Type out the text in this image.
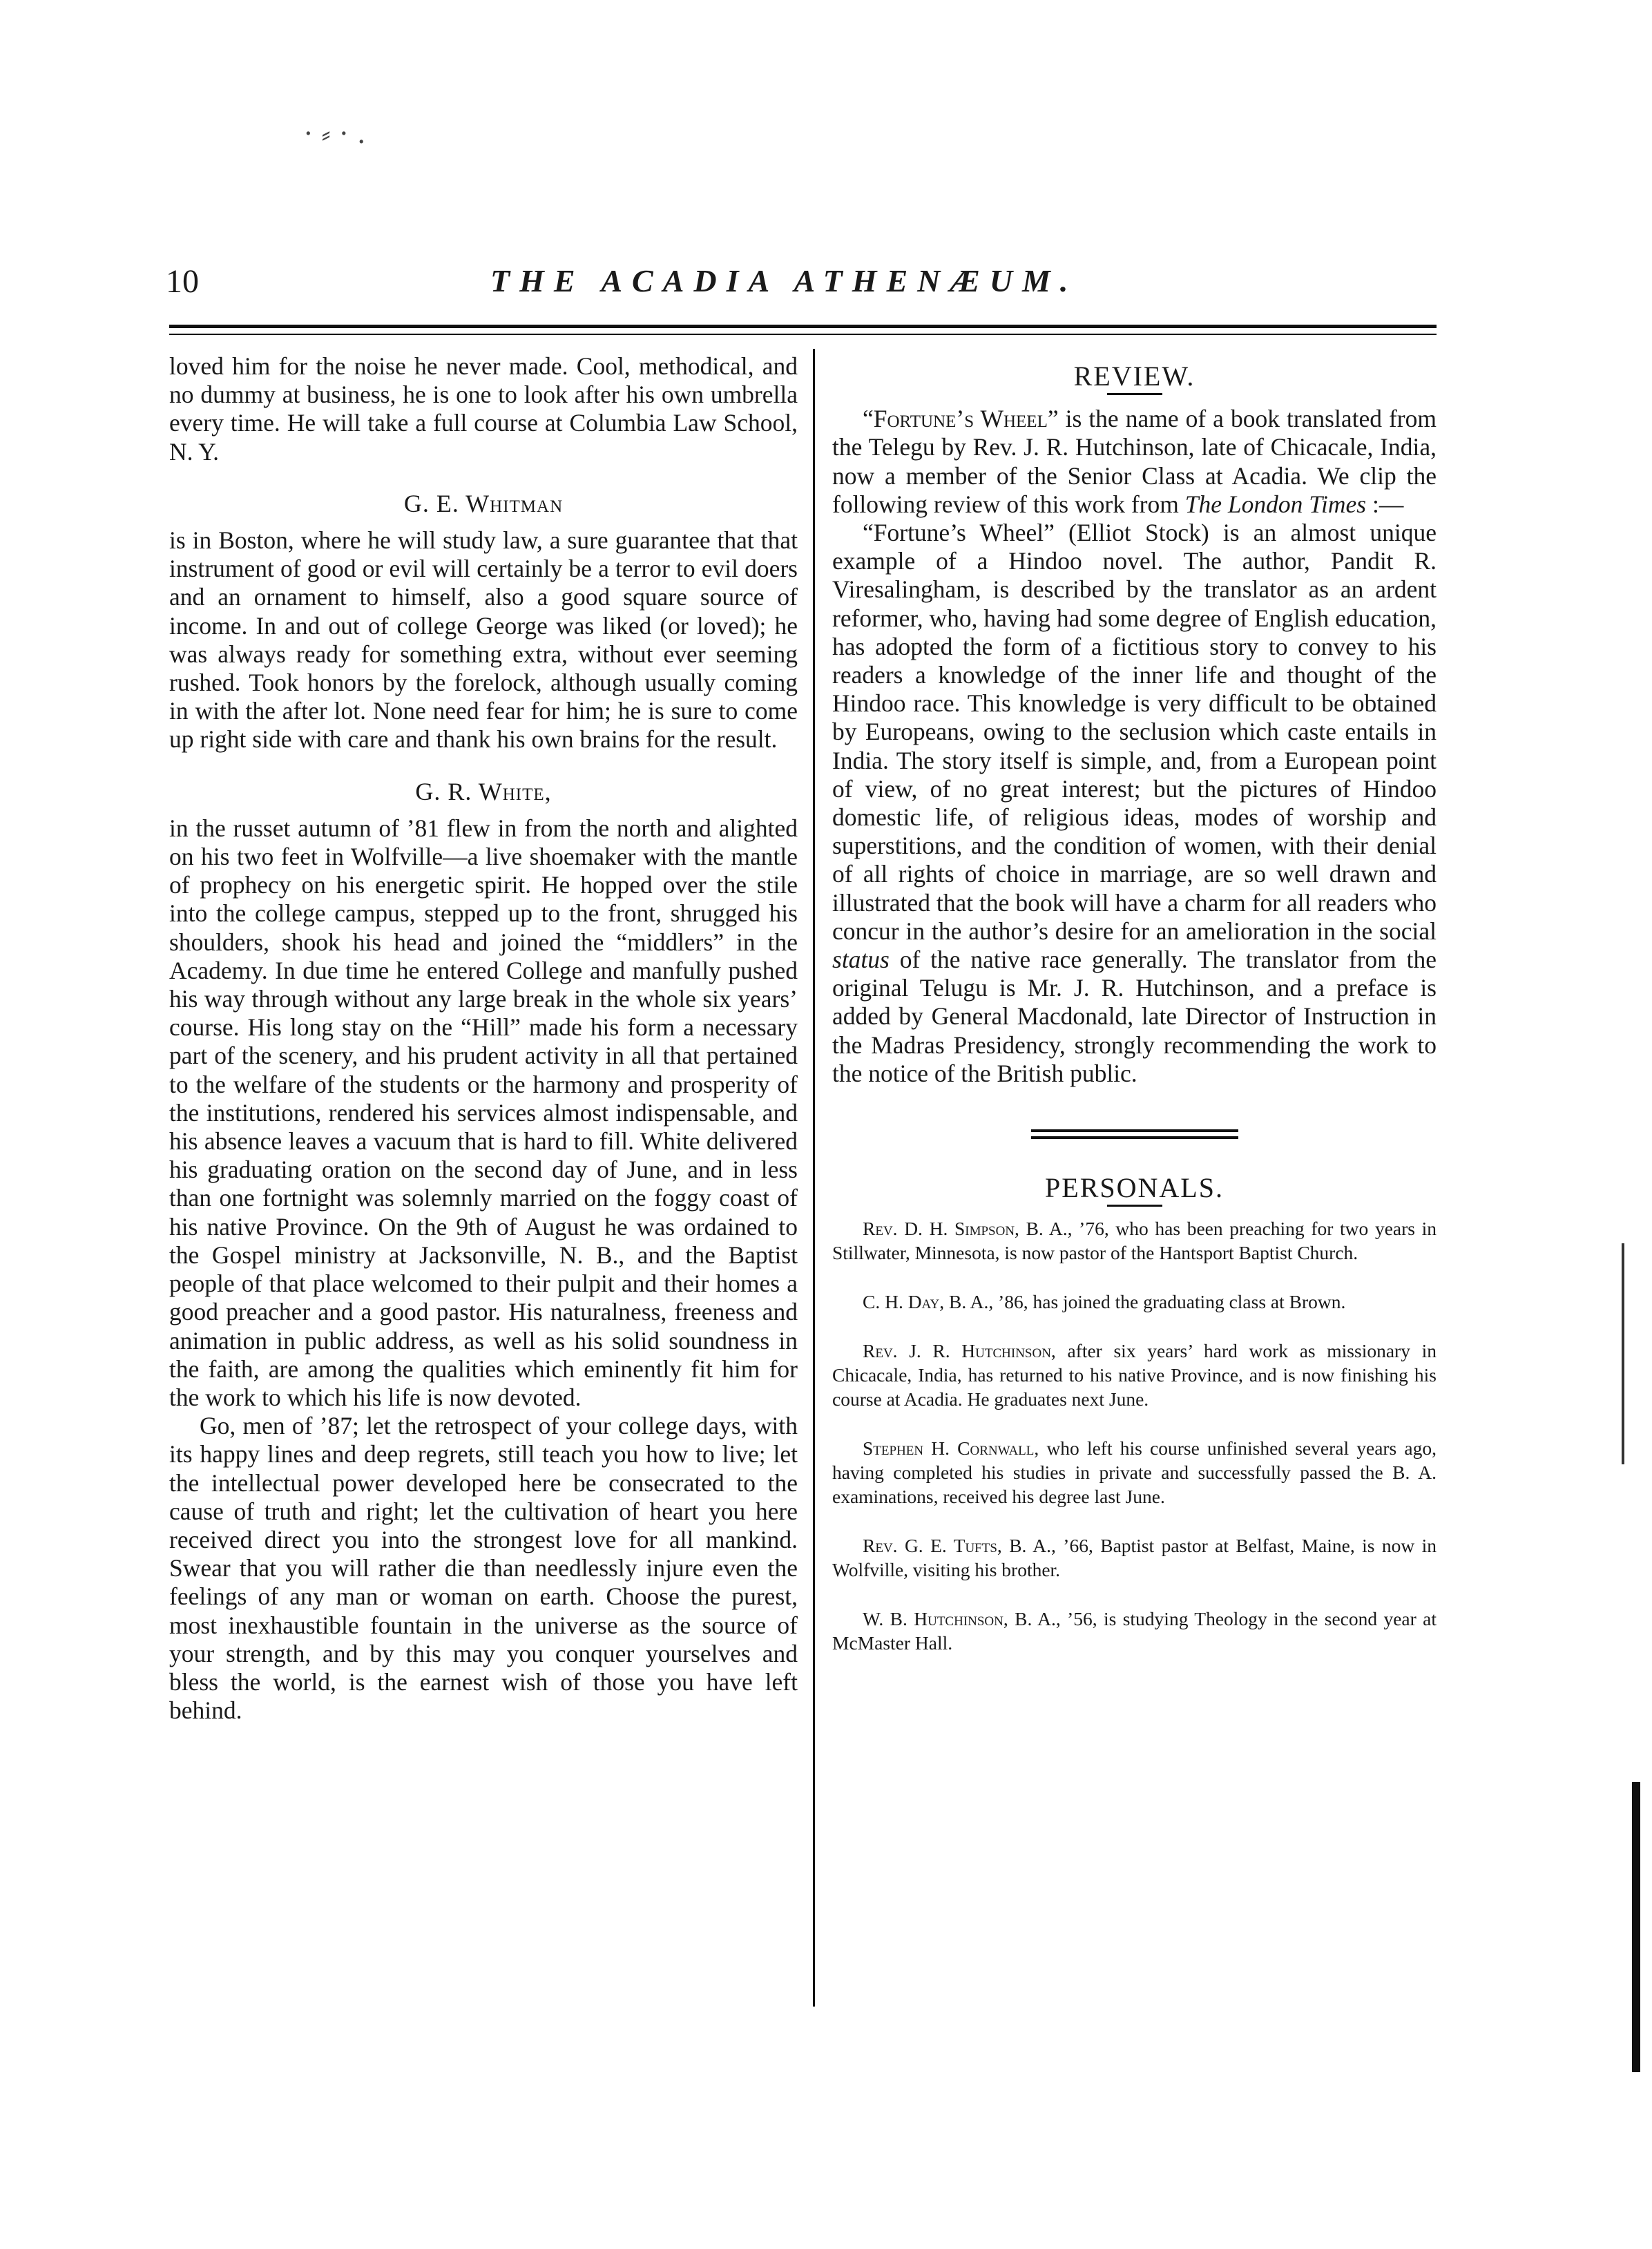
· ⸗ · .
10	THE ACADIA ATHENÆUM.

loved him for the noise he never made. Cool, methodical, and no dummy at business, he is one to look after his own umbrella every time. He will take a full course at Columbia Law School, N. Y.

G. E. Whitman

is in Boston, where he will study law, a sure guarantee that that instrument of good or evil will certainly be a terror to evil doers and an ornament to himself, also a good square source of income. In and out of college George was liked (or loved); he was always ready for something extra, without ever seeming rushed. Took honors by the forelock, although usually coming in with the after lot. None need fear for him; he is sure to come up right side with care and thank his own brains for the result.

G. R. White,

in the russet autumn of ’81 flew in from the north and alighted on his two feet in Wolfville—a live shoemaker with the mantle of prophecy on his energetic spirit. He hopped over the stile into the college campus, stepped up to the front, shrugged his shoulders, shook his head and joined the “middlers” in the Academy. In due time he entered College and manfully pushed his way through without any large break in the whole six years’ course. His long stay on the “Hill” made his form a necessary part of the scenery, and his prudent activity in all that pertained to the welfare of the students or the harmony and prosperity of the institutions, rendered his services almost indispensable, and his absence leaves a vacuum that is hard to fill. White delivered his graduating oration on the second day of June, and in less than one fortnight was solemnly married on the foggy coast of his native Province. On the 9th of August he was ordained to the Gospel ministry at Jacksonville, N. B., and the Baptist people of that place welcomed to their pulpit and their homes a good preacher and a good pastor. His naturalness, freeness and animation in public address, as well as his solid soundness in the faith, are among the qualities which eminently fit him for the work to which his life is now devoted.

Go, men of ’87; let the retrospect of your college days, with its happy lines and deep regrets, still teach you how to live; let the intellectual power developed here be consecrated to the cause of truth and right; let the cultivation of heart you here received direct you into the strongest love for all mankind. Swear that you will rather die than needlessly injure even the feelings of any man or woman on earth. Choose the purest, most inexhaustible fountain in the universe as the source of your strength, and by this may you conquer yourselves and bless the world, is the earnest wish of those you have left behind.

REVIEW.

“Fortune’s Wheel” is the name of a book translated from the Telegu by Rev. J. R. Hutchinson, late of Chicacale, India, now a member of the Senior Class at Acadia. We clip the following review of this work from The London Times :—

“Fortune’s Wheel” (Elliot Stock) is an almost unique example of a Hindoo novel. The author, Pandit R. Viresalingham, is described by the translator as an ardent reformer, who, having had some degree of English education, has adopted the form of a fictitious story to convey to his readers a knowledge of the inner life and thought of the Hindoo race. This knowledge is very difficult to be obtained by Europeans, owing to the seclusion which caste entails in India. The story itself is simple, and, from a European point of view, of no great interest; but the pictures of Hindoo domestic life, of religious ideas, modes of worship and superstitions, and the condition of women, with their denial of all rights of choice in marriage, are so well drawn and illustrated that the book will have a charm for all readers who concur in the author’s desire for an amelioration in the social status of the native race generally. The translator from the original Telugu is Mr. J. R. Hutchinson, and a preface is added by General Macdonald, late Director of Instruction in the Madras Presidency, strongly recommending the work to the notice of the British public.

PERSONALS.

Rev. D. H. Simpson, B. A., ’76, who has been preaching for two years in Stillwater, Minnesota, is now pastor of the Hantsport Baptist Church.

C. H. Day, B. A., ’86, has joined the graduating class at Brown.

Rev. J. R. Hutchinson, after six years’ hard work as missionary in Chicacale, India, has returned to his native Province, and is now finishing his course at Acadia. He graduates next June.

Stephen H. Cornwall, who left his course unfinished several years ago, having completed his studies in private and successfully passed the B. A. examinations, received his degree last June.

Rev. G. E. Tufts, B. A., ’66, Baptist pastor at Belfast, Maine, is now in Wolfville, visiting his brother.

W. B. Hutchinson, B. A., ’56, is studying Theology in the second year at McMaster Hall.
